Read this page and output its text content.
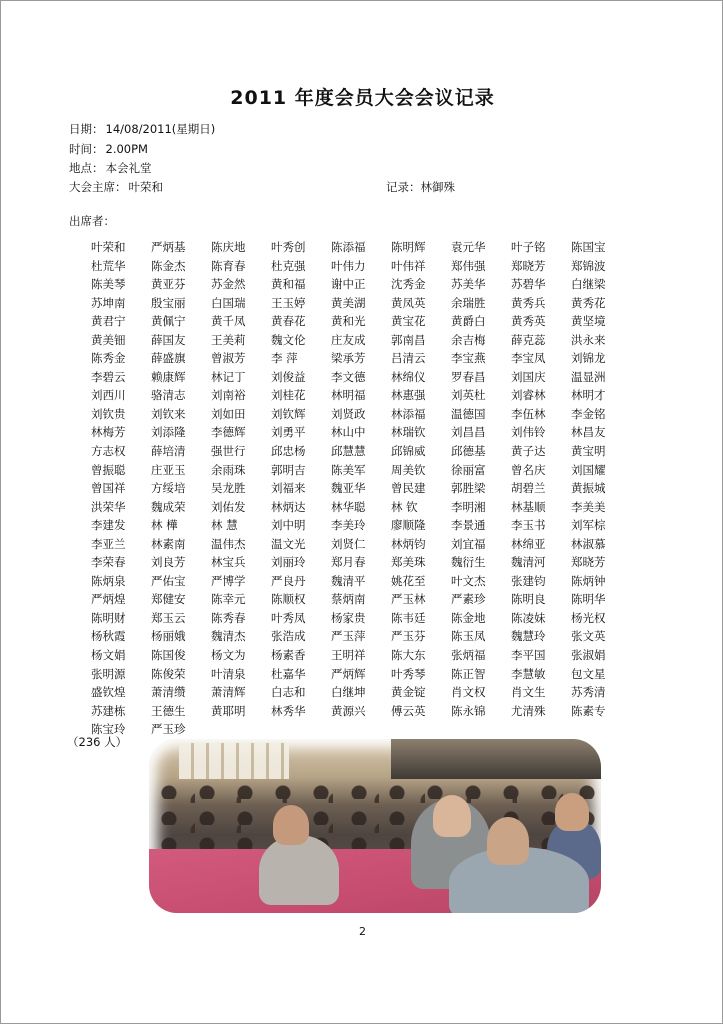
2011 年度会员大会会议记录
日期： 14/08/2011(星期日)
时间： 2.00PM
地点： 本会礼堂
大会主席： 叶荣和	记录：林御殊
出席者：
叶荣和	严炳基	陈庆地	叶秀创	陈添福	陈明辉	袁元华	叶子铭	陈国宝
杜荒华	陈金杰	陈育春	杜克强	叶伟力	叶伟祥	郑伟强	郑晓芳	郑锦波
陈美琴	黄亚芬	苏金然	黄和福	谢中正	沈秀金	苏美华	苏碧华	白继梁
苏坤南	殷宝丽	白国瑞	王玉婷	黄美湖	黄凤英	余瑞胜	黄秀兵	黄秀花
黄君宁	黄佩宁	黄千凤	黄春花	黄和光	黄宝花	黄爵白	黄秀英	黄坚境
黄美钿	薛国友	王美莉	魏文伦	庄友成	郭南昌	余吉梅	薛克蕊	洪永来
陈秀金	薛盛旗	曾淑芳	李 萍	梁承芳	吕清云	李宝燕	李宝凤	刘锦龙
李碧云	赖康辉	林记丁	刘俊益	李文德	林绵仪	罗春昌	刘国庆	温显洲
刘西川	骆清志	刘南裕	刘桂花	林明福	林惠强	刘英杜	刘睿林	林明才
刘钦贵	刘钦来	刘如田	刘钦辉	刘贤政	林添福	温德国	李伍林	李金铭
林梅芳	刘添隆	李德辉	刘勇平	林山中	林瑞钦	刘昌昌	刘伟铃	林昌友
方志权	薛培清	强世行	邱忠杨	邱慧慧	邱锦威	邱德基	黄子达	黄宝明
曾振聪	庄亚玉	余雨珠	郭明吉	陈美军	周美钦	徐丽富	曾名庆	刘国耀
曾国祥	方绥培	吴龙胜	刘福来	魏亚华	曾民建	郭胜梁	胡碧兰	黄振城
洪荣华	魏成荣	刘佑发	林炳达	林华聪	林 钦	李明湘	林基顺	李美美
李建发	林 樺	林 慧	刘中明	李美玲	廖顺隆	李景通	李玉书	刘军棕
李亚兰	林素南	温伟杰	温文光	刘贤仁	林炳钧	刘宜福	林绵亚	林淑慕
李荣春	刘良芳	林宝兵	刘丽玲	郑月春	郑美珠	魏衍生	魏清河	郑晓芳
陈炳泉	严佑宝	严博学	严良丹	魏清平	姚花至	叶文杰	张建钧	陈炳钟
严炳煌	郑健安	陈幸元	陈顺权	蔡炳南	严玉林	严素珍	陈明良	陈明华
陈明财	郑玉云	陈秀春	叶秀凤	杨家贵	陈韦廷	陈金地	陈凌妹	杨光权
杨秋霞	杨丽娥	魏清杰	张浩成	严玉萍	严玉芬	陈玉凤	魏慧玲	张文英
杨文娟	陈国俊	杨文为	杨素香	王明祥	陈大东	张炳福	李平国	张淑娟
张明源	陈俊荣	叶清泉	杜嘉华	严炳辉	叶秀琴	陈正智	李慧敏	包文星
盛钦煌	萧清缵	萧清辉	白志和	白继坤	黄金锭	肖文权	肖文生	苏秀清
苏建栋	王德生	黄耶明	林秀华	黄源兴	傅云英	陈永锦	尤清殊	陈素专
陈宝玲	严玉珍
（236 人）
2
